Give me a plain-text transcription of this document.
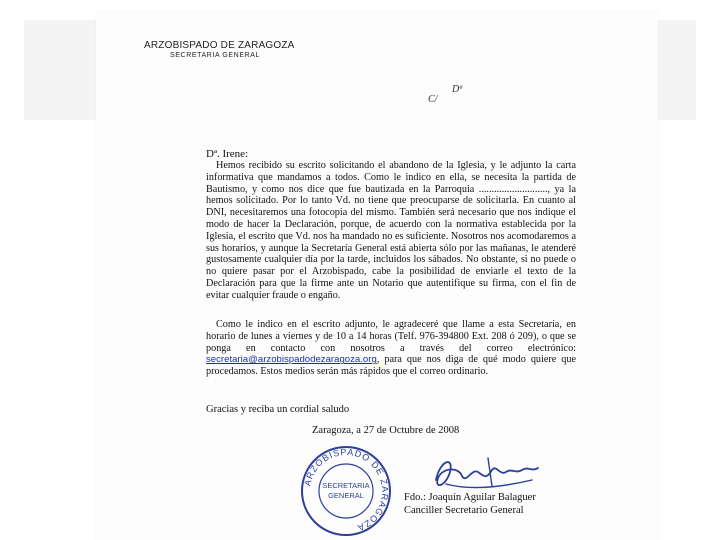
ARZOBISPADO DE ZARAGOZA
SECRETARIA GENERAL
Dª
C/
Dª. Irene:

Hemos recibido su escrito solicitando el abandono de la Iglesia, y le adjunto la carta informativa que mandamos a todos. Como le indico en ella, se necesita la partida de Bautismo, y como nos dice que fue bautizada en la Parroquia ..........................., ya la hemos solicitado. Por lo tanto Vd. no tiene que preocuparse de solicitarla. En cuanto al DNI, necesitaremos una fotocopia del mismo. También será necesario que nos indique el modo de hacer la Declaración, porque, de acuerdo con la normativa establecida por la Iglesia, el escrito que Vd. nos ha mandado no es suficiente. Nosotros nos acomodaremos a sus horarios, y aunque la Secretaría General está abierta sólo por las mañanas, le atenderé gustosamente cualquier día por la tarde, incluidos los sábados. No obstante, si no puede o no quiere pasar por el Arzobispado, cabe la posibilidad de enviarle el texto de la Declaración para que la firme ante un Notario que autentifique su firma, con el fin de evitar cualquier fraude o engaño.

Como le indico en el escrito adjunto, le agradeceré que llame a esta Secretaría, en horario de lunes a viernes y de 10 a 14 horas (Telf. 976-394800 Ext. 208 ó 209), o que se ponga en contacto con nosotros a través del correo electrónico: secretaria@arzobispadodezaragoza.org, para que nos diga de qué modo quiere que procedamos. Estos medios serán más rápidos que el correo ordinario.

Gracias y reciba un cordial saludo
Zaragoza, a 27 de Octubre de 2008
ARZOBISPADO DE ZARAGOZA
SECRETARIA
GENERAL	Fdo.: Joaquín Aguilar Balaguer
Canciller Secretario General
